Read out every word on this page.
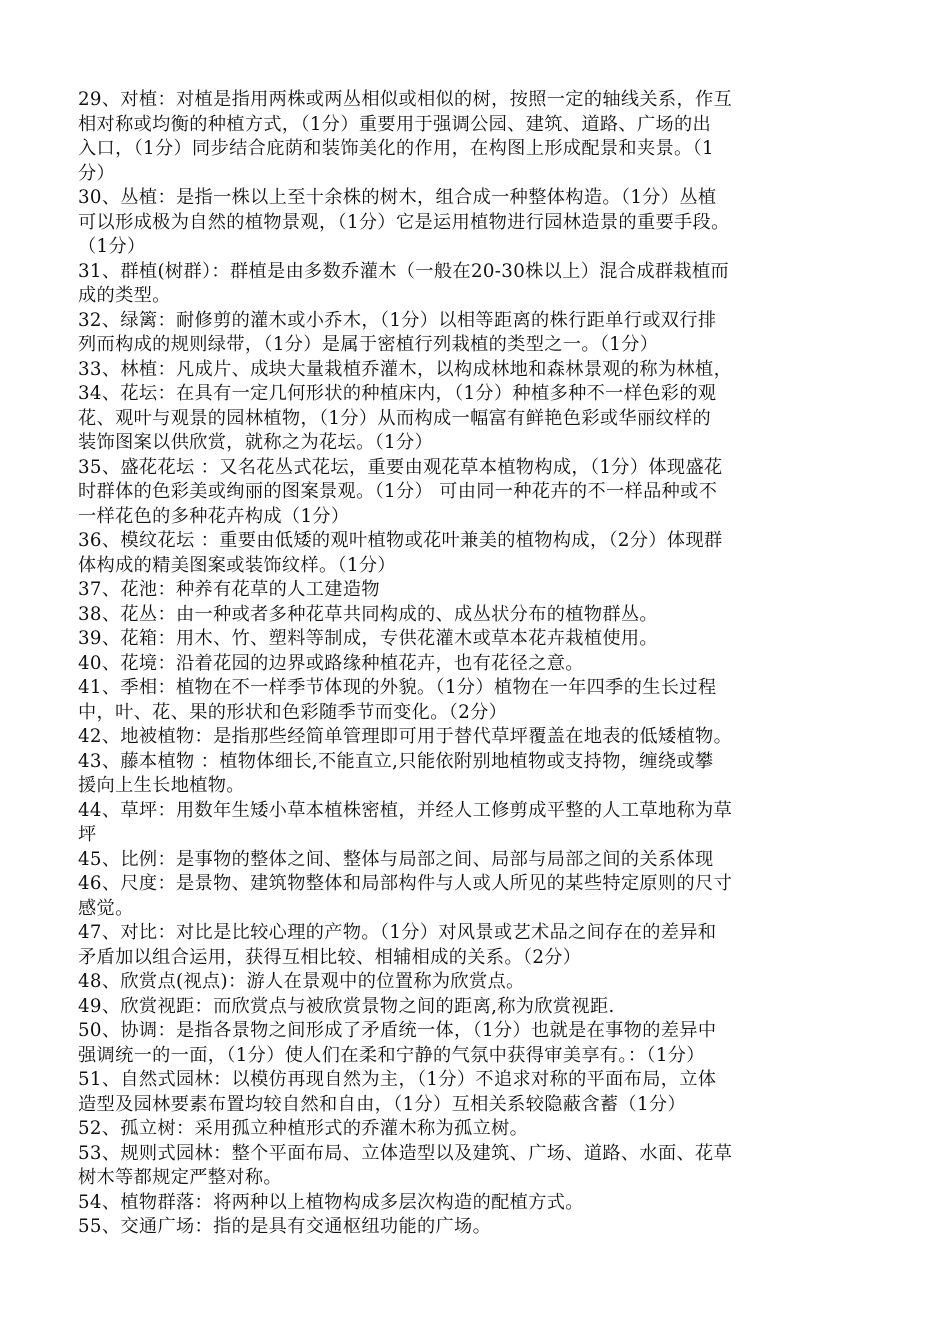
29、对植：对植是指用两株或两丛相似或相似的树，按照一定的轴线关系，作互
相对称或均衡的种植方式，（1分）重要用于强调公园、建筑、道路、广场的出
入口，（1分）同步结合庇荫和装饰美化的作用，在构图上形成配景和夹景。（1
分）
30、丛植：是指一株以上至十余株的树木，组合成一种整体构造。（1分）丛植
可以形成极为自然的植物景观，（1分）它是运用植物进行园林造景的重要手段。
（1分）
31、群植(树群）：群植是由多数乔灌木（一般在20-30株以上）混合成群栽植而
成的类型。
32、绿篱：耐修剪的灌木或小乔木，（1分）以相等距离的株行距单行或双行排
列而构成的规则绿带，（1分）是属于密植行列栽植的类型之一。（1分）
33、林植：凡成片、成块大量栽植乔灌木，以构成林地和森林景观的称为林植，
34、花坛：在具有一定几何形状的种植床内，（1分）种植多种不一样色彩的观
花、观叶与观景的园林植物，（1分）从而构成一幅富有鲜艳色彩或华丽纹样的
装饰图案以供欣赏，就称之为花坛。（1分）
35、盛花花坛 ：又名花丛式花坛，重要由观花草本植物构成，（1分）体现盛花
时群体的色彩美或绚丽的图案景观。（1分） 可由同一种花卉的不一样品种或不
一样花色的多种花卉构成（1分）
36、模纹花坛 ：重要由低矮的观叶植物或花叶兼美的植物构成，（2分）体现群
体构成的精美图案或装饰纹样。（1分）
37、花池：种养有花草的人工建造物
38、花丛：由一种或者多种花草共同构成的、成丛状分布的植物群丛。
39、花箱：用木、竹、塑料等制成，专供花灌木或草本花卉栽植使用。
40、花境：沿着花园的边界或路缘种植花卉，也有花径之意。
41、季相：植物在不一样季节体现的外貌。（1分）植物在一年四季的生长过程
中，叶、花、果的形状和色彩随季节而变化。（2分）
42、地被植物：是指那些经简单管理即可用于替代草坪覆盖在地表的低矮植物。
43、藤本植物 ：植物体细长,不能直立,只能依附别地植物或支持物，缠绕或攀
援向上生长地植物。
44、草坪：用数年生矮小草本植株密植，并经人工修剪成平整的人工草地称为草
坪
45、比例：是事物的整体之间、整体与局部之间、局部与局部之间的关系体现
46、尺度：是景物、建筑物整体和局部构件与人或人所见的某些特定原则的尺寸
感觉。
47、对比：对比是比较心理的产物。（1分）对风景或艺术品之间存在的差异和
矛盾加以组合运用，获得互相比较、相辅相成的关系。（2分）
48、欣赏点(视点)：游人在景观中的位置称为欣赏点。
49、欣赏视距：而欣赏点与被欣赏景物之间的距离,称为欣赏视距.
50、协调：是指各景物之间形成了矛盾统一体，（1分）也就是在事物的差异中
强调统一的一面，（1分）使人们在柔和宁静的气氛中获得审美享有。：（1分）
51、自然式园林：以模仿再现自然为主，（1分）不追求对称的平面布局，立体
造型及园林要素布置均较自然和自由，（1分）互相关系较隐蔽含蓄（1分）
52、孤立树：采用孤立种植形式的乔灌木称为孤立树。
53、规则式园林：整个平面布局、立体造型以及建筑、广场、道路、水面、花草
树木等都规定严整对称。
54、植物群落：将两种以上植物构成多层次构造的配植方式。
55、交通广场：指的是具有交通枢纽功能的广场。
